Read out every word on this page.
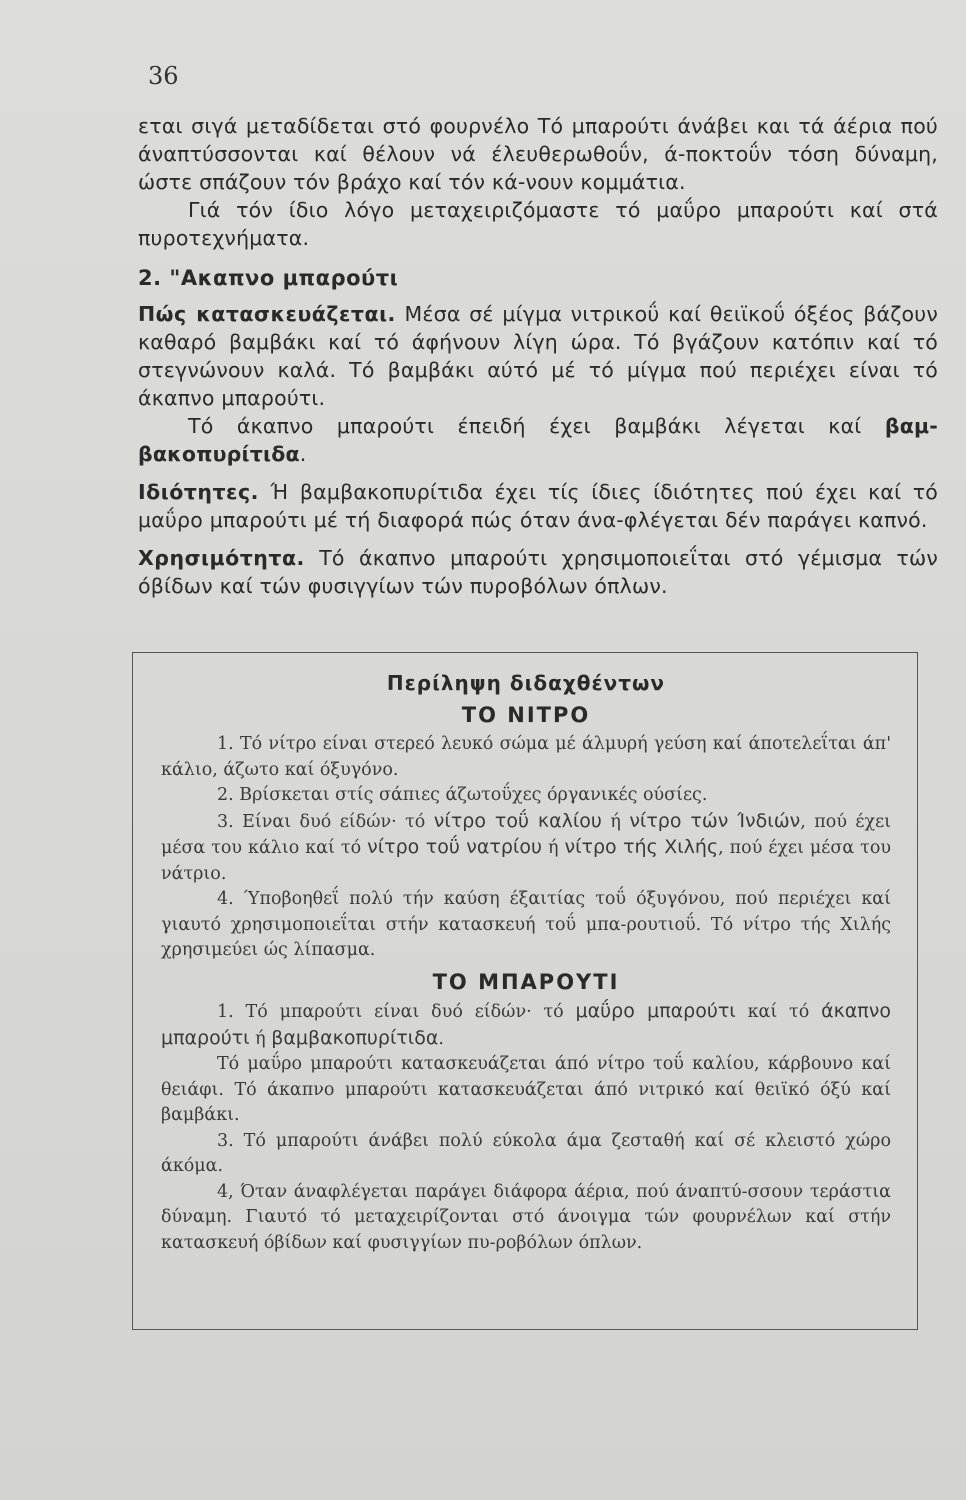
36

εται σιγά μεταδίδεται στό φουρνέλο Τό μπαρούτι άνάβει και τά άέρια πού άναπτύσσονται καί θέλουν νά έλευθερωθοΰν, ά-ποκτοΰν τόση δύναμη, ώστε σπάζουν τόν βράχο καί τόν κά-νουν κομμάτια.

Γιά τόν ίδιο λόγο μεταχειριζόμαστε τό μαΰρο μπαρούτι καί στά πυροτεχνήματα.

2. "Ακαπνο μπαρούτι

Πώς κατασκευάζεται. Μέσα σέ μίγμα νιτρικοΰ καί θειϊκοΰ όξέος βάζουν καθαρό βαμβάκι καί τό άφήνουν λίγη ώρα. Τό βγάζουν κατόπιν καί τό στεγνώνουν καλά. Τό βαμβάκι αύτό μέ τό μίγμα πού περιέχει είναι τό άκαπνο μπαρούτι.

Τό άκαπνο μπαρούτι έπειδή έχει βαμβάκι λέγεται καί βαμ-βακοπυρίτιδα.

Ιδιότητες. Ή βαμβακοπυρίτιδα έχει τίς ίδιες ίδιότητες πού έχει καί τό μαΰρο μπαρούτι μέ τή διαφορά πώς όταν άνα-φλέγεται δέν παράγει καπνό.

Χρησιμότητα. Τό άκαπνο μπαρούτι χρησιμοποιεΐται στό γέμισμα τών όβίδων καί τών φυσιγγίων τών πυροβόλων όπλων.

Περίληψη διδαχθέντων

ΤΟ ΝΙΤΡΟ

1. Τό νίτρο είναι στερεό λευκό σώμα μέ άλμυρή γεύση καί άποτελεΐται άπ' κάλιο, άζωτο καί όξυγόνο.

2. Βρίσκεται στίς σάπιες άζωτοΰχες όργανικές ούσίες.

3. Είναι δυό είδών· τό νίτρο τοΰ καλίου ή νίτρο τών Ίνδιών, πού έχει μέσα του κάλιο καί τό νίτρο τοΰ νατρίου ή νίτρο τής Χιλής, πού έχει μέσα του νάτριο.

4. Ύποβοηθεΐ πολύ τήν καύση έξαιτίας τοΰ όξυγόνου, πού περιέχει καί γιαυτό χρησιμοποιεΐται στήν κατασκευή τοΰ μπα-ρουτιοΰ. Τό νίτρο τής Χιλής χρησιμεύει ώς λίπασμα.

ΤΟ ΜΠΑΡΟΥΤΙ

1. Τό μπαρούτι είναι δυό είδών· τό μαΰρο μπαρούτι καί τό άκαπνο μπαρούτι ή βαμβακοπυρίτιδα.

Τό μαΰρο μπαρούτι κατασκευάζεται άπό νίτρο τοΰ καλίου, κάρβουνο καί θειάφι. Τό άκαπνο μπαρούτι κατασκευάζεται άπό νιτρικό καί θειϊκό όξύ καί βαμβάκι.

3. Τό μπαρούτι άνάβει πολύ εύκολα άμα ζεσταθή καί σέ κλειστό χώρο άκόμα.

4, Όταν άναφλέγεται παράγει διάφορα άέρια, πού άναπτύ-σσουν τεράστια δύναμη. Γιαυτό τό μεταχειρίζονται στό άνοιγμα τών φουρνέλων καί στήν κατασκευή όβίδων καί φυσιγγίων πυ-ροβόλων όπλων.
